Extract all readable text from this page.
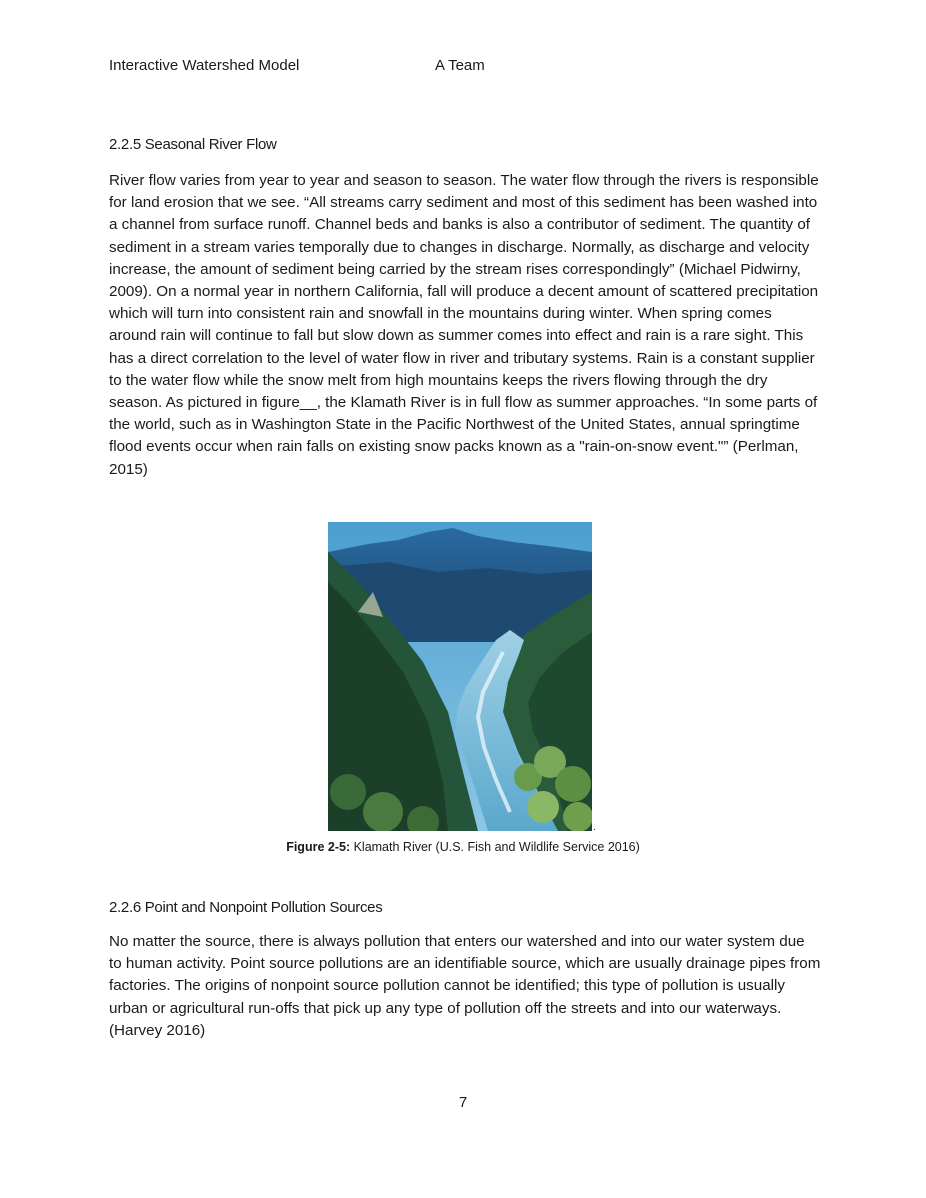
Interactive Watershed Model	A Team
2.2.5 Seasonal River Flow

River flow varies from year to year and season to season. The water flow through the rivers is responsible for land erosion that we see. “All streams carry sediment and most of this sediment has been washed into a channel from surface runoff. Channel beds and banks is also a contributor of sediment. The quantity of sediment in a stream varies temporally due to changes in discharge. Normally, as discharge and velocity increase, the amount of sediment being carried by the stream rises correspondingly” (Michael Pidwirny, 2009). On a normal year in northern California, fall will produce a decent amount of scattered precipitation which will turn into consistent rain and snowfall in the mountains during winter. When spring comes around rain will continue to fall but slow down as summer comes into effect and rain is a rare sight. This has a direct correlation to the level of water flow in river and tributary systems. Rain is a constant supplier to the water flow while the snow melt from high mountains keeps the rivers flowing through the dry season. As pictured in figure__, the Klamath River is in full flow as summer approaches. “In some parts of the world, such as in Washington State in the Pacific Northwest of the United States, annual springtime flood events occur when rain falls on existing snow packs known as a "rain-on-snow event."” (Perlman, 2015)

.
Figure 2-5: Klamath River (U.S. Fish and Wildlife Service 2016)
2.2.6 Point and Nonpoint Pollution Sources

No matter the source, there is always pollution that enters our watershed and into our water system due to human activity. Point source pollutions are an identifiable source, which are usually drainage pipes from factories. The origins of nonpoint source pollution cannot be identified; this type of pollution is usually urban or agricultural run-offs that pick up any type of pollution off the streets and into our waterways. (Harvey 2016)

7
